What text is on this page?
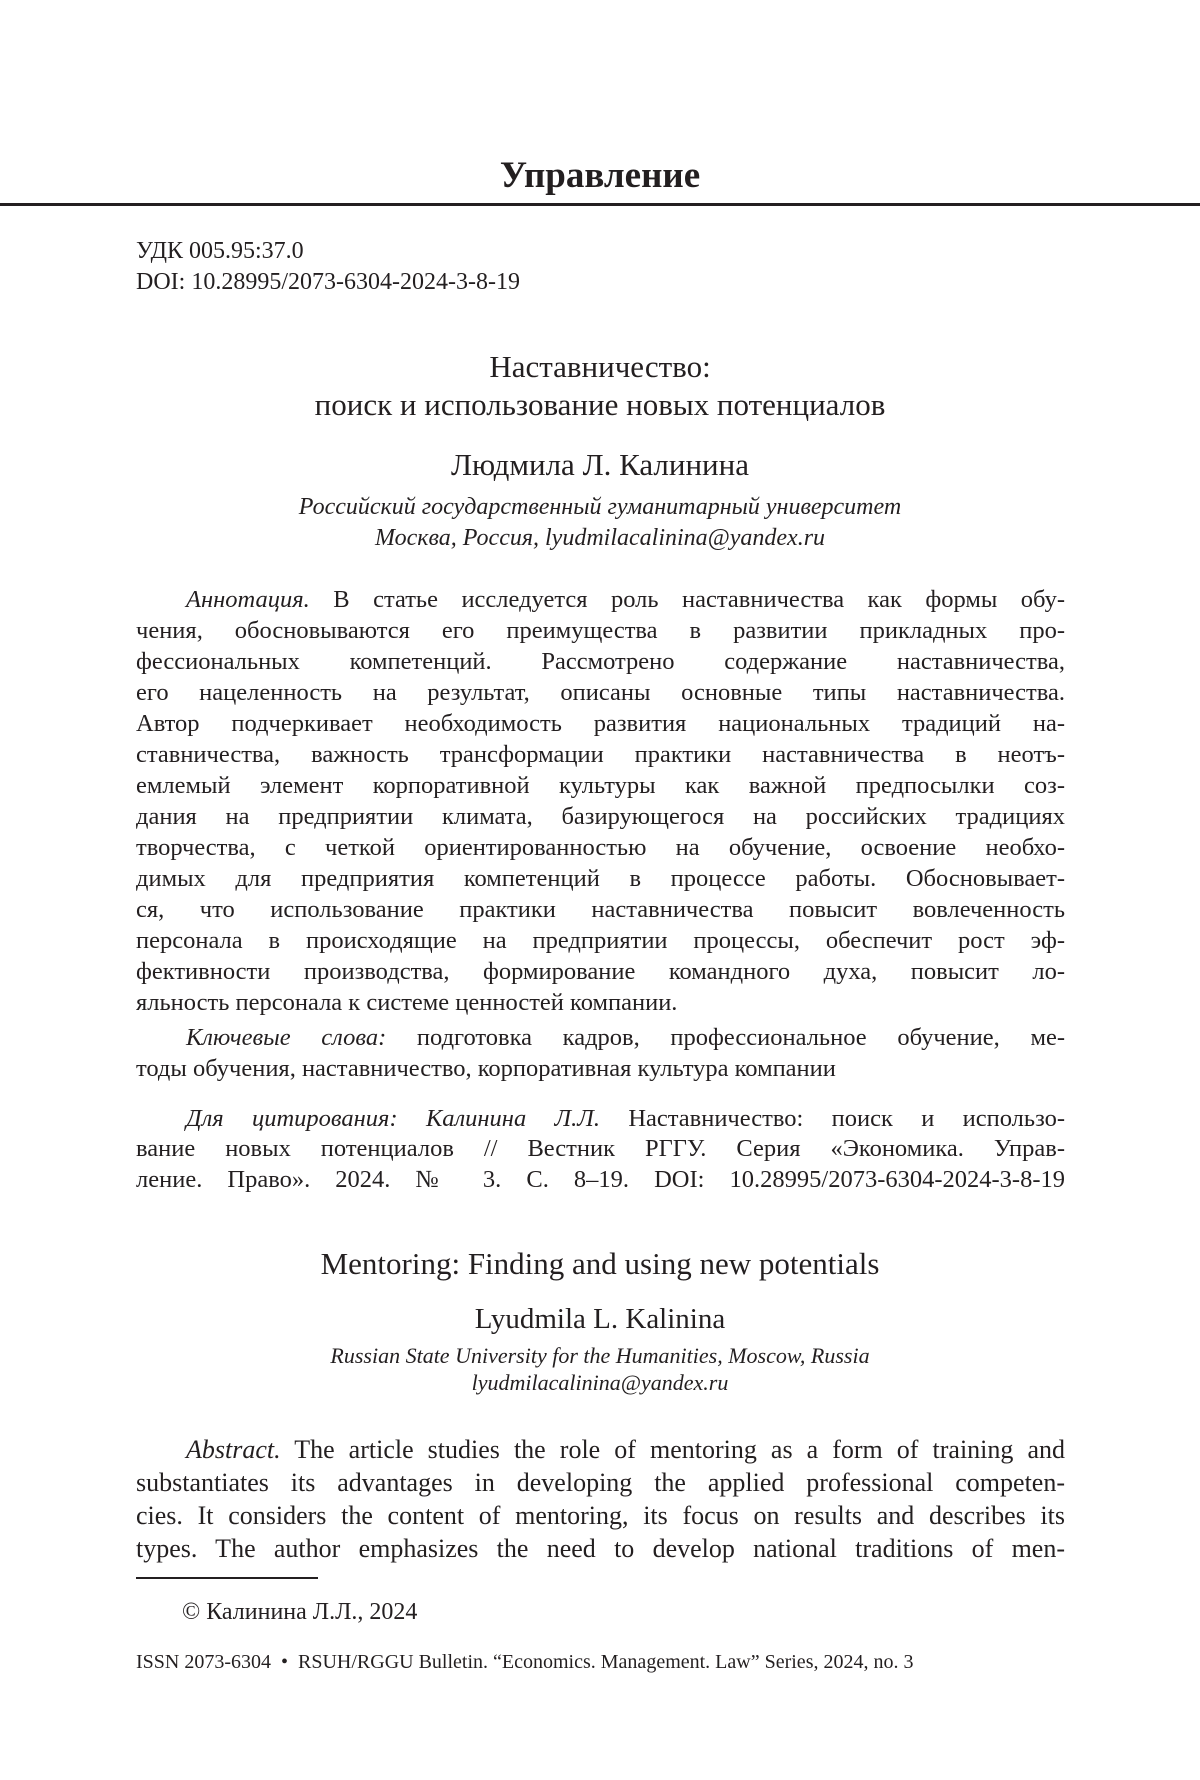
Управление
УДК 005.95:37.0
DOI: 10.28995/2073-6304-2024-3-8-19
Наставничество:
поиск и использование новых потенциалов
Людмила Л. Калинина
Российский государственный гуманитарный университет
Москва, Россия, lyudmilacalinina@yandex.ru
Аннотация. В статье исследуется роль наставничества как формы обу-
чения, обосновываются его преимущества в развитии прикладных про-
фессиональных компетенций. Рассмотрено содержание наставничества,
его нацеленность на результат, описаны основные типы наставничества.
Автор подчеркивает необходимость развития национальных традиций на-
ставничества, важность трансформации практики наставничества в неотъ-
емлемый элемент корпоративной культуры как важной предпосылки соз-
дания на предприятии климата, базирующегося на российских традициях
творчества, с четкой ориентированностью на обучение, освоение необхо-
димых для предприятия компетенций в процессе работы. Обосновывает-
ся, что использование практики наставничества повысит вовлеченность
персонала в происходящие на предприятии процессы, обеспечит рост эф-
фективности производства, формирование командного духа, повысит ло-
яльность персонала к системе ценностей компании.
Ключевые слова: подготовка кадров, профессиональное обучение, ме-
тоды обучения, наставничество, корпоративная культура компании
Для цитирования: Калинина Л.Л. Наставничество: поиск и использо-
вание новых потенциалов // Вестник РГГУ. Серия «Экономика. Управ-
ление. Право». 2024. № 3. С. 8–19. DOI: 10.28995/2073-6304-2024-3-8-19
Mentoring: Finding and using new potentials
Lyudmila L. Kalinina
Russian State University for the Humanities, Moscow, Russia
lyudmilacalinina@yandex.ru
Abstract. The article studies the role of mentoring as a form of training and
substantiates its advantages in developing the applied professional competen-
cies. It considers the content of mentoring, its focus on results and describes its
types. The author emphasizes the need to develop national traditions of men-
© Калинина Л.Л., 2024
ISSN 2073-6304  •  RSUH/RGGU Bulletin. “Economics. Management. Law” Series, 2024, no. 3
